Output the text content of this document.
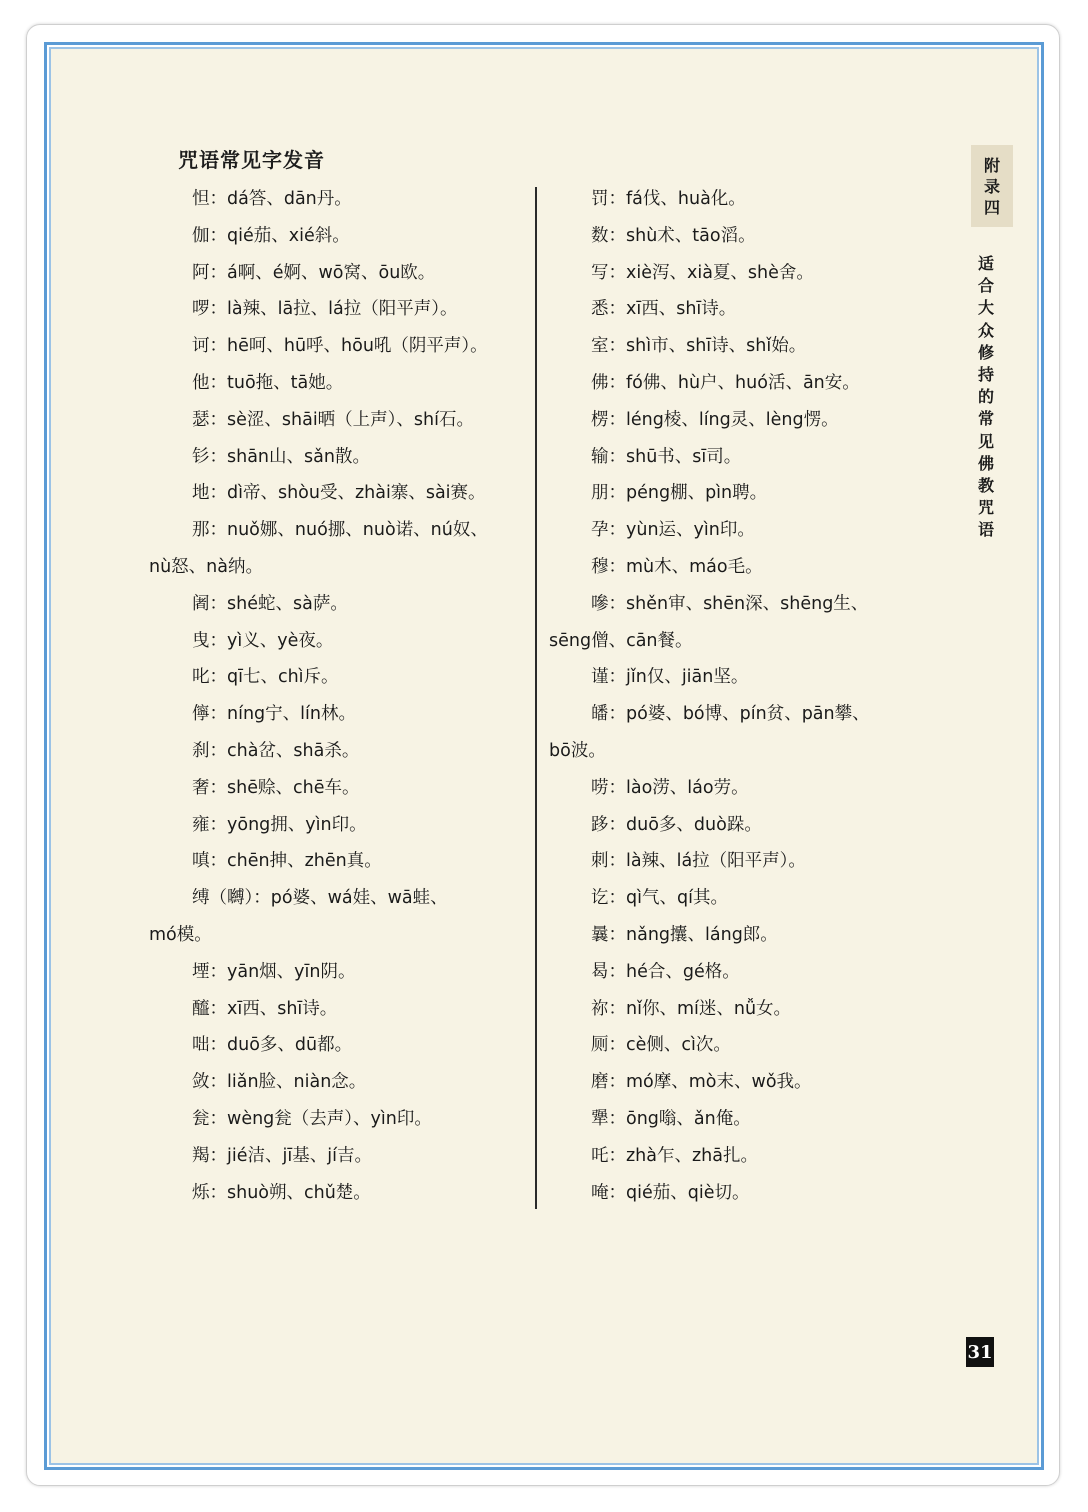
咒语常见字发音
怛：dá答、dān丹。
伽：qié茄、xié斜。
阿：á啊、é婀、wō窝、ōu欧。
啰：là辣、lā拉、lá拉（阳平声）。
诃：hē呵、hū呼、hōu吼（阴平声）。
他：tuō拖、tā她。
瑟：sè涩、shāi晒（上声）、shí石。
钐：shān山、sǎn散。
地：dì帝、shòu受、zhài寨、sài赛。
那：nuǒ娜、nuó挪、nuò诺、nú奴、
nù怒、nà纳。
阇：shé蛇、sà萨。
曳：yì义、yè夜。
叱：qī七、chì斥。
儜：níng宁、lín林。
刹：chà岔、shā杀。
奢：shē赊、chē车。
雍：yōng拥、yìn印。
嗔：chēn抻、zhēn真。
缚（嚩）：pó婆、wá娃、wā蛙、
mó模。
堙：yān烟、yīn阴。
醯：xī西、shī诗。
咄：duō多、dū都。
敛：liǎn脸、niàn念。
瓮：wèng瓮（去声）、yìn印。
羯：jié洁、jī基、jí吉。
烁：shuò朔、chǔ楚。
罚：fá伐、huà化。
数：shù术、tāo滔。
写：xiè泻、xià夏、shè舍。
悉：xī西、shī诗。
室：shì市、shī诗、shǐ始。
佛：fó佛、hù户、huó活、ān安。
楞：léng棱、líng灵、lèng愣。
输：shū书、sī司。
朋：péng棚、pìn聘。
孕：yùn运、yìn印。
穆：mù木、máo毛。
嘇：shěn审、shēn深、shēng生、
sēng僧、cān餐。
谨：jǐn仅、jiān坚。
皤：pó婆、bó博、pín贫、pān攀、
bō波。
唠：lào涝、láo劳。
跢：duō多、duò跺。
刺：là辣、lá拉（阳平声）。
讫：qì气、qí其。
曩：nǎng攮、láng郎。
曷：hé合、gé格。
祢：nǐ你、mí迷、nǚ女。
厕：cè侧、cì次。
磨：mó摩、mò末、wǒ我。
犟：ōng嗡、ǎn俺。
吒：zhà乍、zhā扎。
唵：qié茄、qiè切。
附
录
四
适合大众修持的常见佛教咒语
31
